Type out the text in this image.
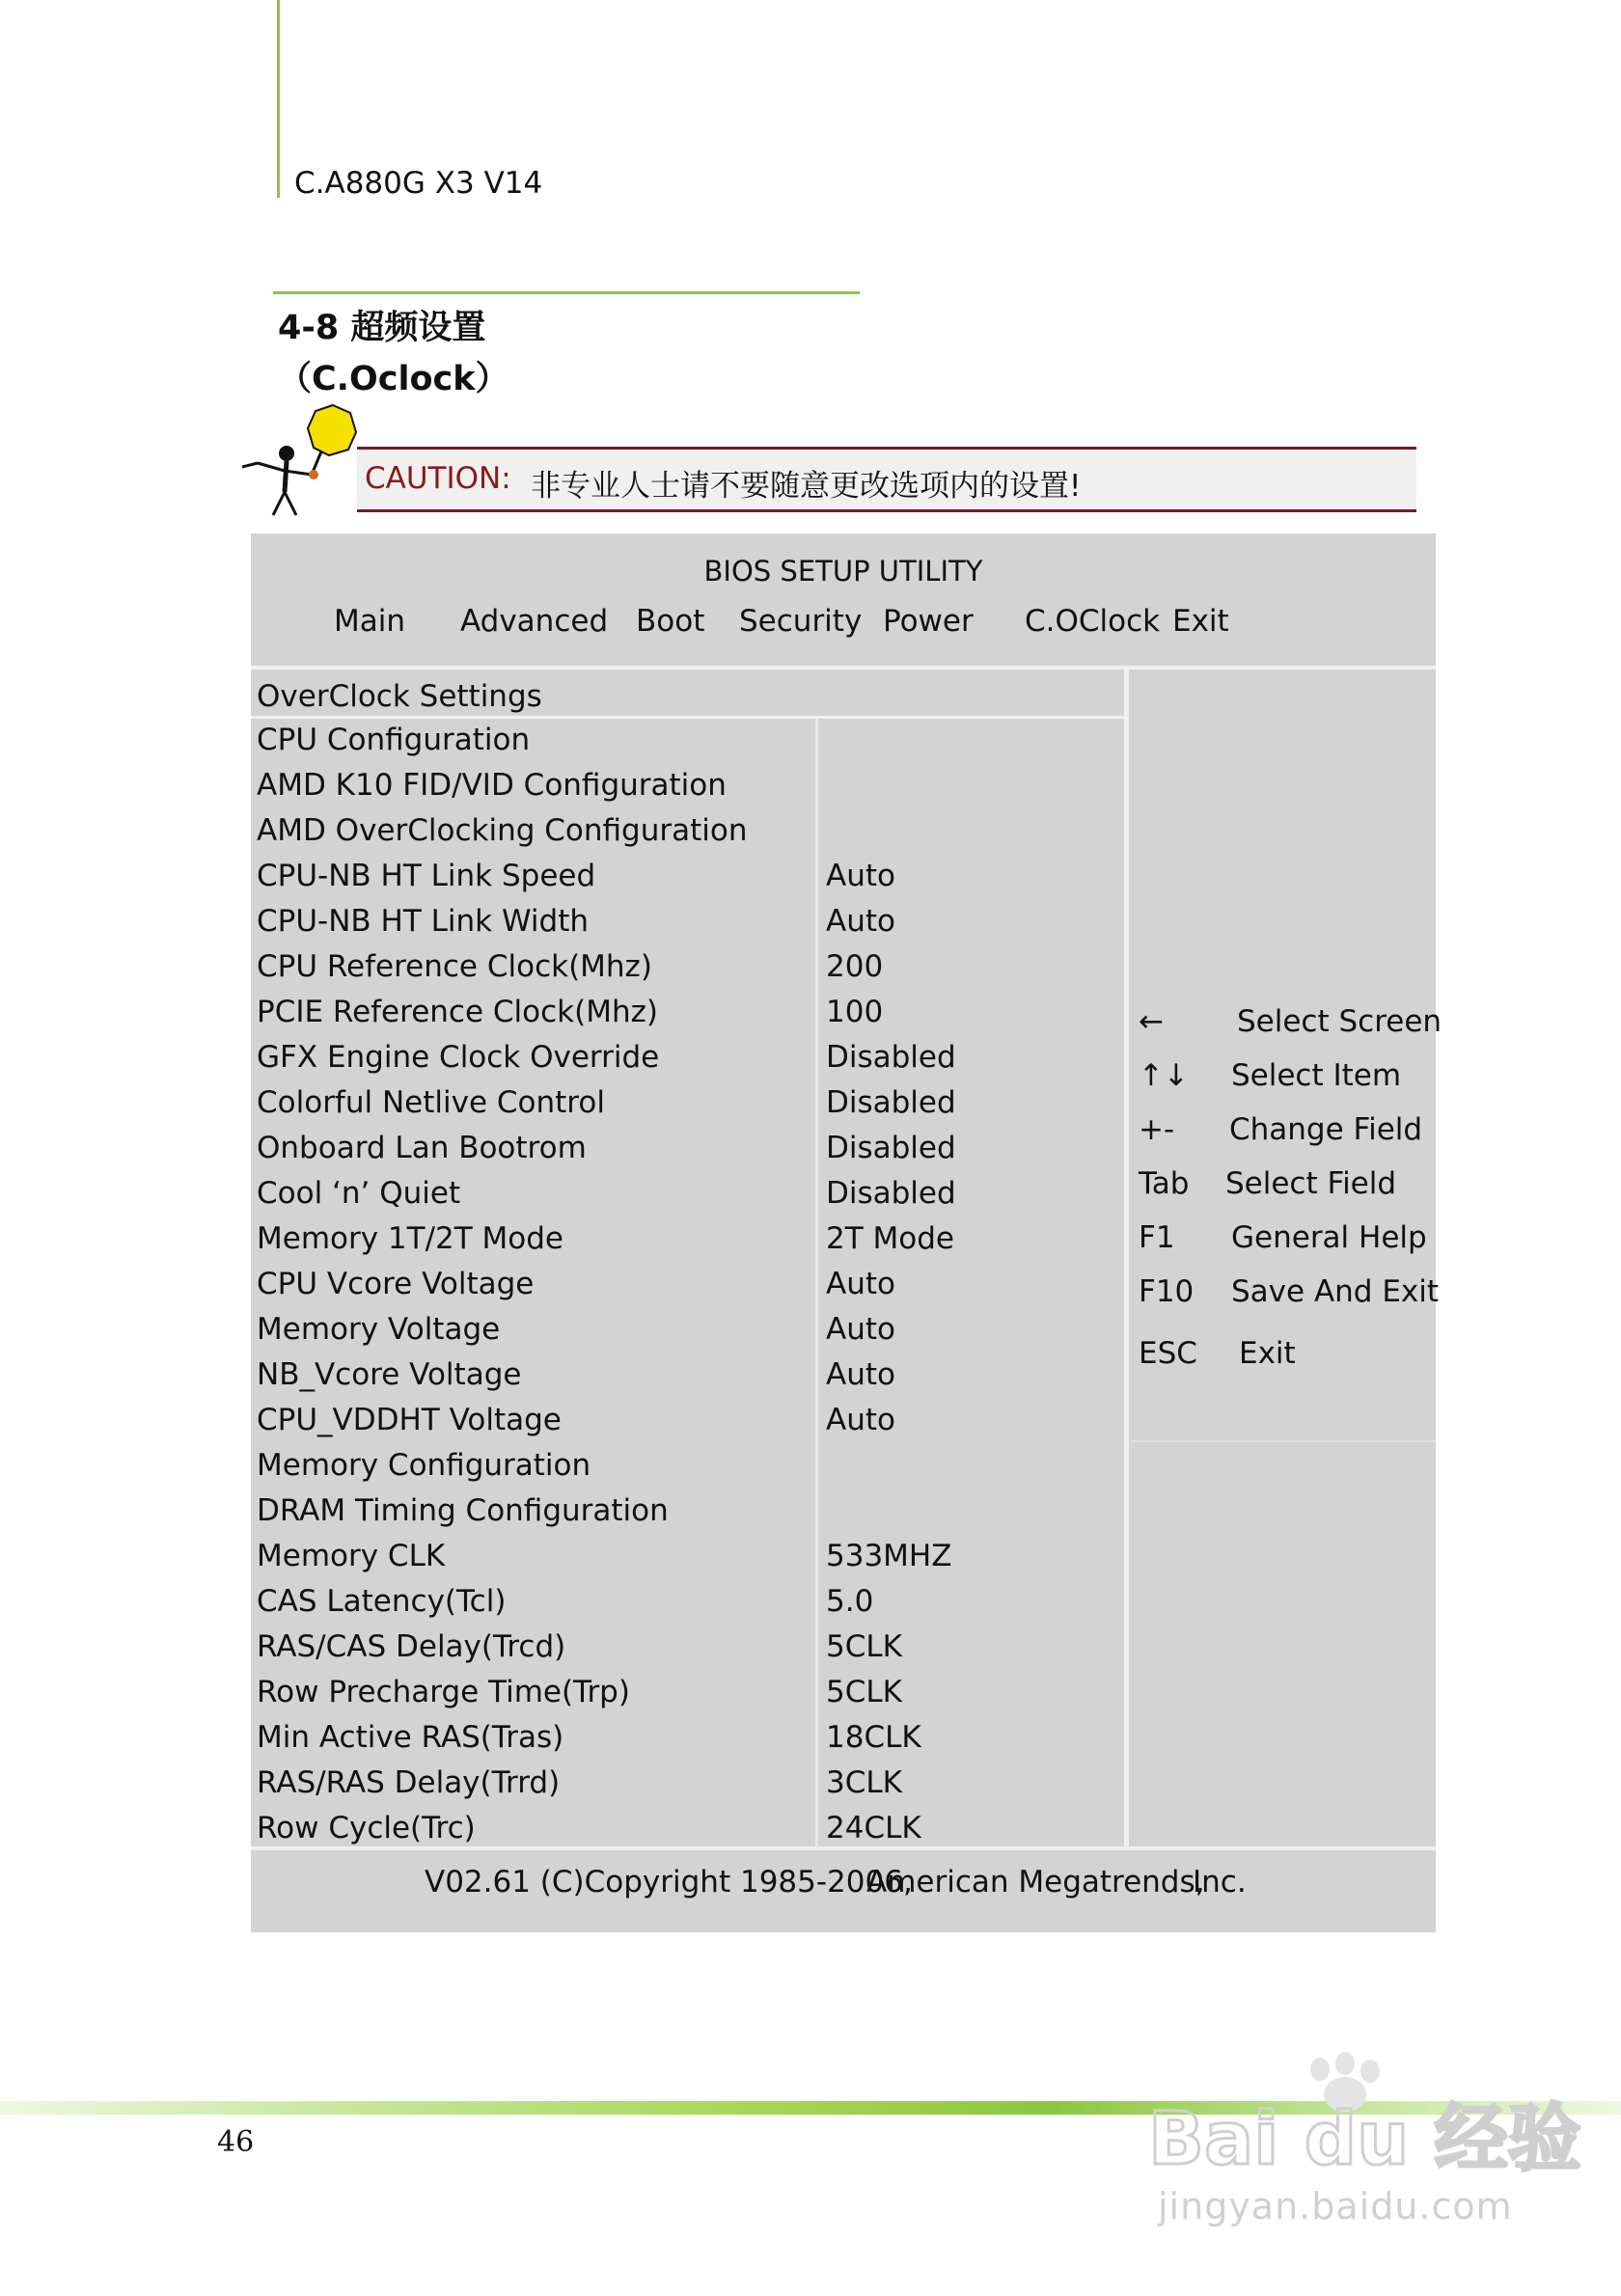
C.A880G X3 V14
4-8 超频设置
（C.Oclock）
CAUTION: 非专业人士请不要随意更改选项内的设置!
BIOS SETUP UTILITY
Main Advanced Boot Security Power C.OClock Exit
OverClock Settings
CPU Configuration
AMD K10 FID/VID Configuration
AMD OverClocking Configuration
CPU-NB HT Link Speed	Auto
CPU-NB HT Link Width	Auto
CPU Reference Clock(Mhz)	200
PCIE Reference Clock(Mhz)	100
GFX Engine Clock Override	Disabled
Colorful Netlive Control	Disabled
Onboard Lan Bootrom	Disabled
Cool ‘n’ Quiet	Disabled
Memory 1T/2T Mode	2T Mode
CPU Vcore Voltage	Auto
Memory Voltage	Auto
NB_Vcore Voltage	Auto
CPU_VDDHT Voltage	Auto
Memory Configuration
DRAM Timing Configuration
Memory CLK	533MHZ
CAS Latency(Tcl)	5.0
RAS/CAS Delay(Trcd)	5CLK
Row Precharge Time(Trp)	5CLK
Min Active RAS(Tras)	18CLK
RAS/RAS Delay(Trrd)	3CLK
Row Cycle(Trc)	24CLK
← Select Screen
↑↓ Select Item
+- Change Field
Tab Select Field
F1 General Help
F10 Save And Exit
ESC Exit
V02.61 (C)Copyright 1985-2006,
American Megatrends,
Inc.
46	Bai du 经验
jingyan.baidu.com
